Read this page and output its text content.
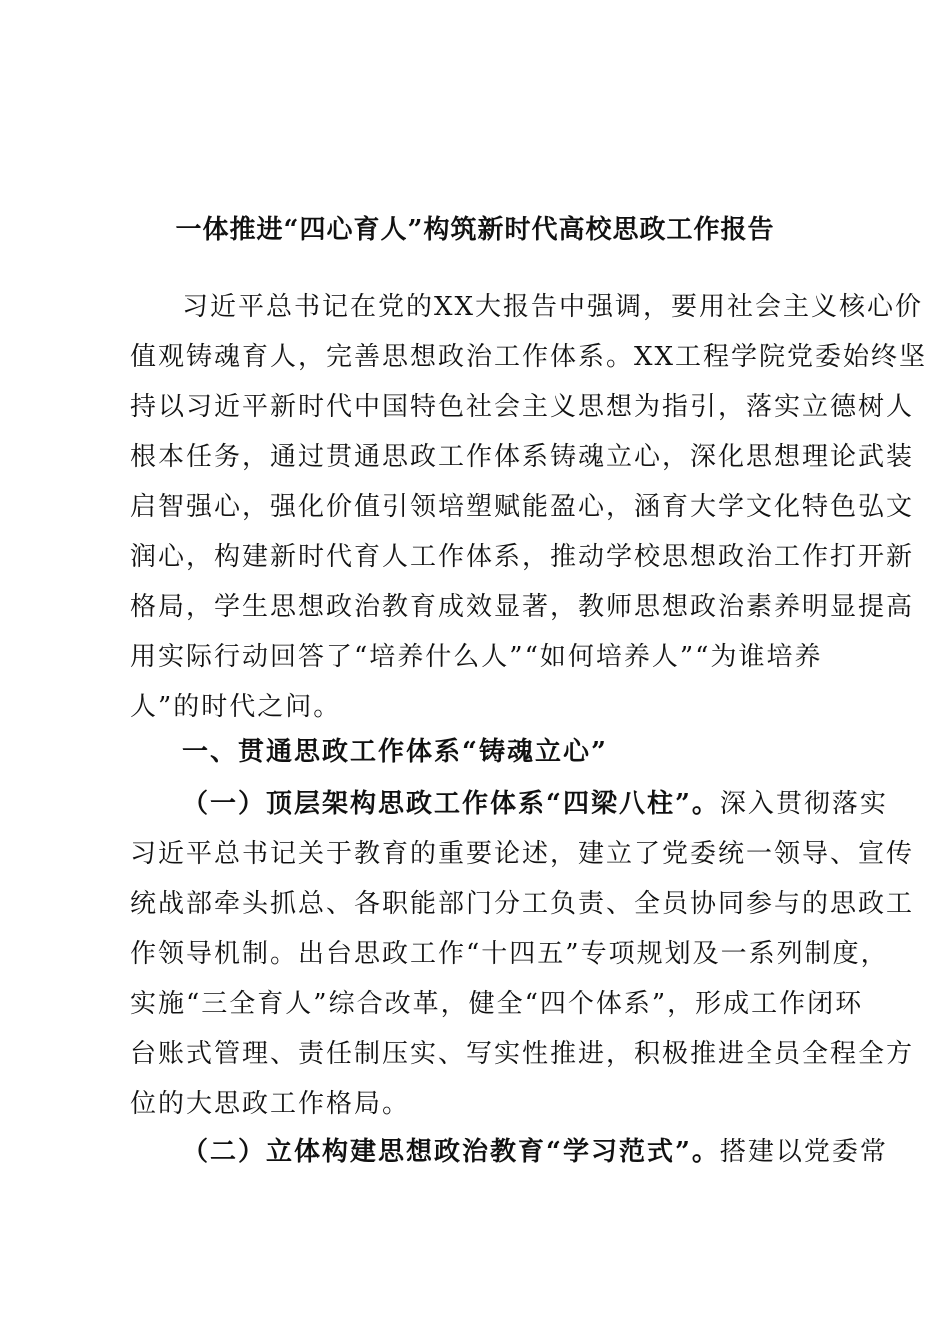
一体推进“四心育人”构筑新时代高校思政工作报告
习近平总书记在党的XX大报告中强调，要用社会主义核心价
值观铸魂育人，完善思想政治工作体系。XX工程学院党委始终坚
持以习近平新时代中国特色社会主义思想为指引，落实立德树人
根本任务，通过贯通思政工作体系铸魂立心，深化思想理论武装
启智强心，强化价值引领培塑赋能盈心，涵育大学文化特色弘文
润心，构建新时代育人工作体系，推动学校思想政治工作打开新
格局，学生思想政治教育成效显著，教师思想政治素养明显提高
用实际行动回答了“培养什么人”“如何培养人”“为谁培养
人”的时代之问。
一、贯通思政工作体系“铸魂立心”
（一）顶层架构思政工作体系“四梁八柱”。深入贯彻落实
习近平总书记关于教育的重要论述，建立了党委统一领导、宣传
统战部牵头抓总、各职能部门分工负责、全员协同参与的思政工
作领导机制。出台思政工作“十四五”专项规划及一系列制度，
实施“三全育人”综合改革，健全“四个体系”，形成工作闭环
台账式管理、责任制压实、写实性推进，积极推进全员全程全方
位的大思政工作格局。
（二）立体构建思想政治教育“学习范式”。搭建以党委常
